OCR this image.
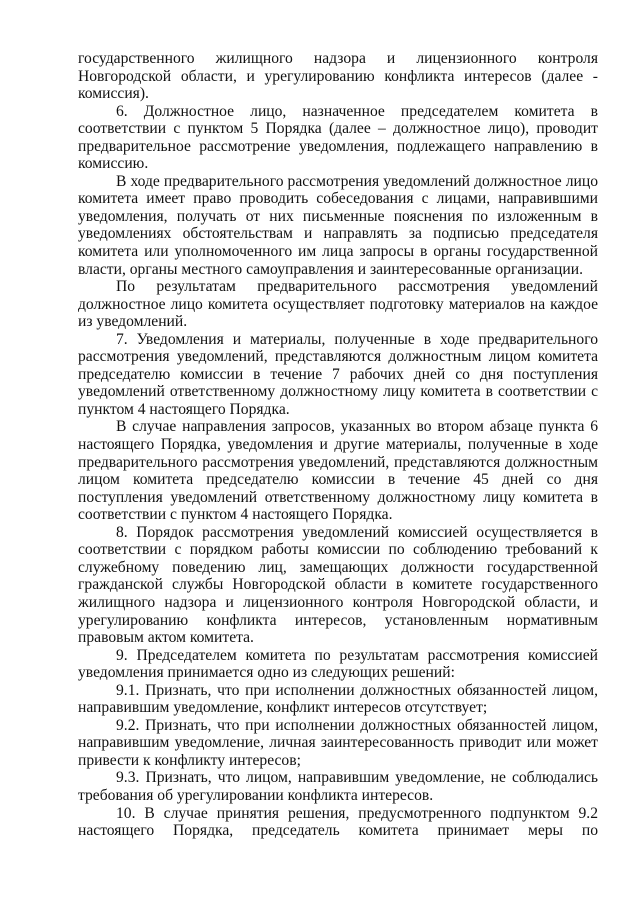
государственного жилищного надзора и лицензионного контроля Новгородской области, и урегулированию конфликта интересов (далее - комиссия).

6. Должностное лицо, назначенное председателем комитета в соответствии с пунктом 5 Порядка (далее – должностное лицо), проводит предварительное рассмотрение уведомления, подлежащего направлению в комиссию.

В ходе предварительного рассмотрения уведомлений должностное лицо комитета имеет право проводить собеседования с лицами, направившими уведомления, получать от них письменные пояснения по изложенным в уведомлениях обстоятельствам и направлять за подписью председателя комитета или уполномоченного им лица запросы в органы государственной власти, органы местного самоуправления и заинтересованные организации.

По результатам предварительного рассмотрения уведомлений должностное лицо комитета осуществляет подготовку материалов на каждое из уведомлений.

7. Уведомления и материалы, полученные в ходе предварительного рассмотрения уведомлений, представляются должностным лицом комитета председателю комиссии в течение 7 рабочих дней со дня поступления уведомлений ответственному должностному лицу комитета в соответствии с пунктом 4 настоящего Порядка.

В случае направления запросов, указанных во втором абзаце пункта 6 настоящего Порядка, уведомления и другие материалы, полученные в ходе предварительного рассмотрения уведомлений, представляются должностным лицом комитета председателю комиссии в течение 45 дней со дня поступления уведомлений ответственному должностному лицу комитета в соответствии с пунктом 4 настоящего Порядка.

8. Порядок рассмотрения уведомлений комиссией осуществляется в соответствии с порядком работы комиссии по соблюдению требований к служебному поведению лиц, замещающих должности государственной гражданской службы Новгородской области в комитете государственного жилищного надзора и лицензионного контроля Новгородской области, и урегулированию конфликта интересов, установленным нормативным правовым актом комитета.

9. Председателем комитета по результатам рассмотрения комиссией уведомления принимается одно из следующих решений:

9.1. Признать, что при исполнении должностных обязанностей лицом, направившим уведомление, конфликт интересов отсутствует;

9.2. Признать, что при исполнении должностных обязанностей лицом, направившим уведомление, личная заинтересованность приводит или может привести к конфликту интересов;

9.3. Признать, что лицом, направившим уведомление, не соблюдались требования об урегулировании конфликта интересов.

10. В случае принятия решения, предусмотренного подпунктом 9.2 настоящего Порядка, председатель комитета принимает меры по
